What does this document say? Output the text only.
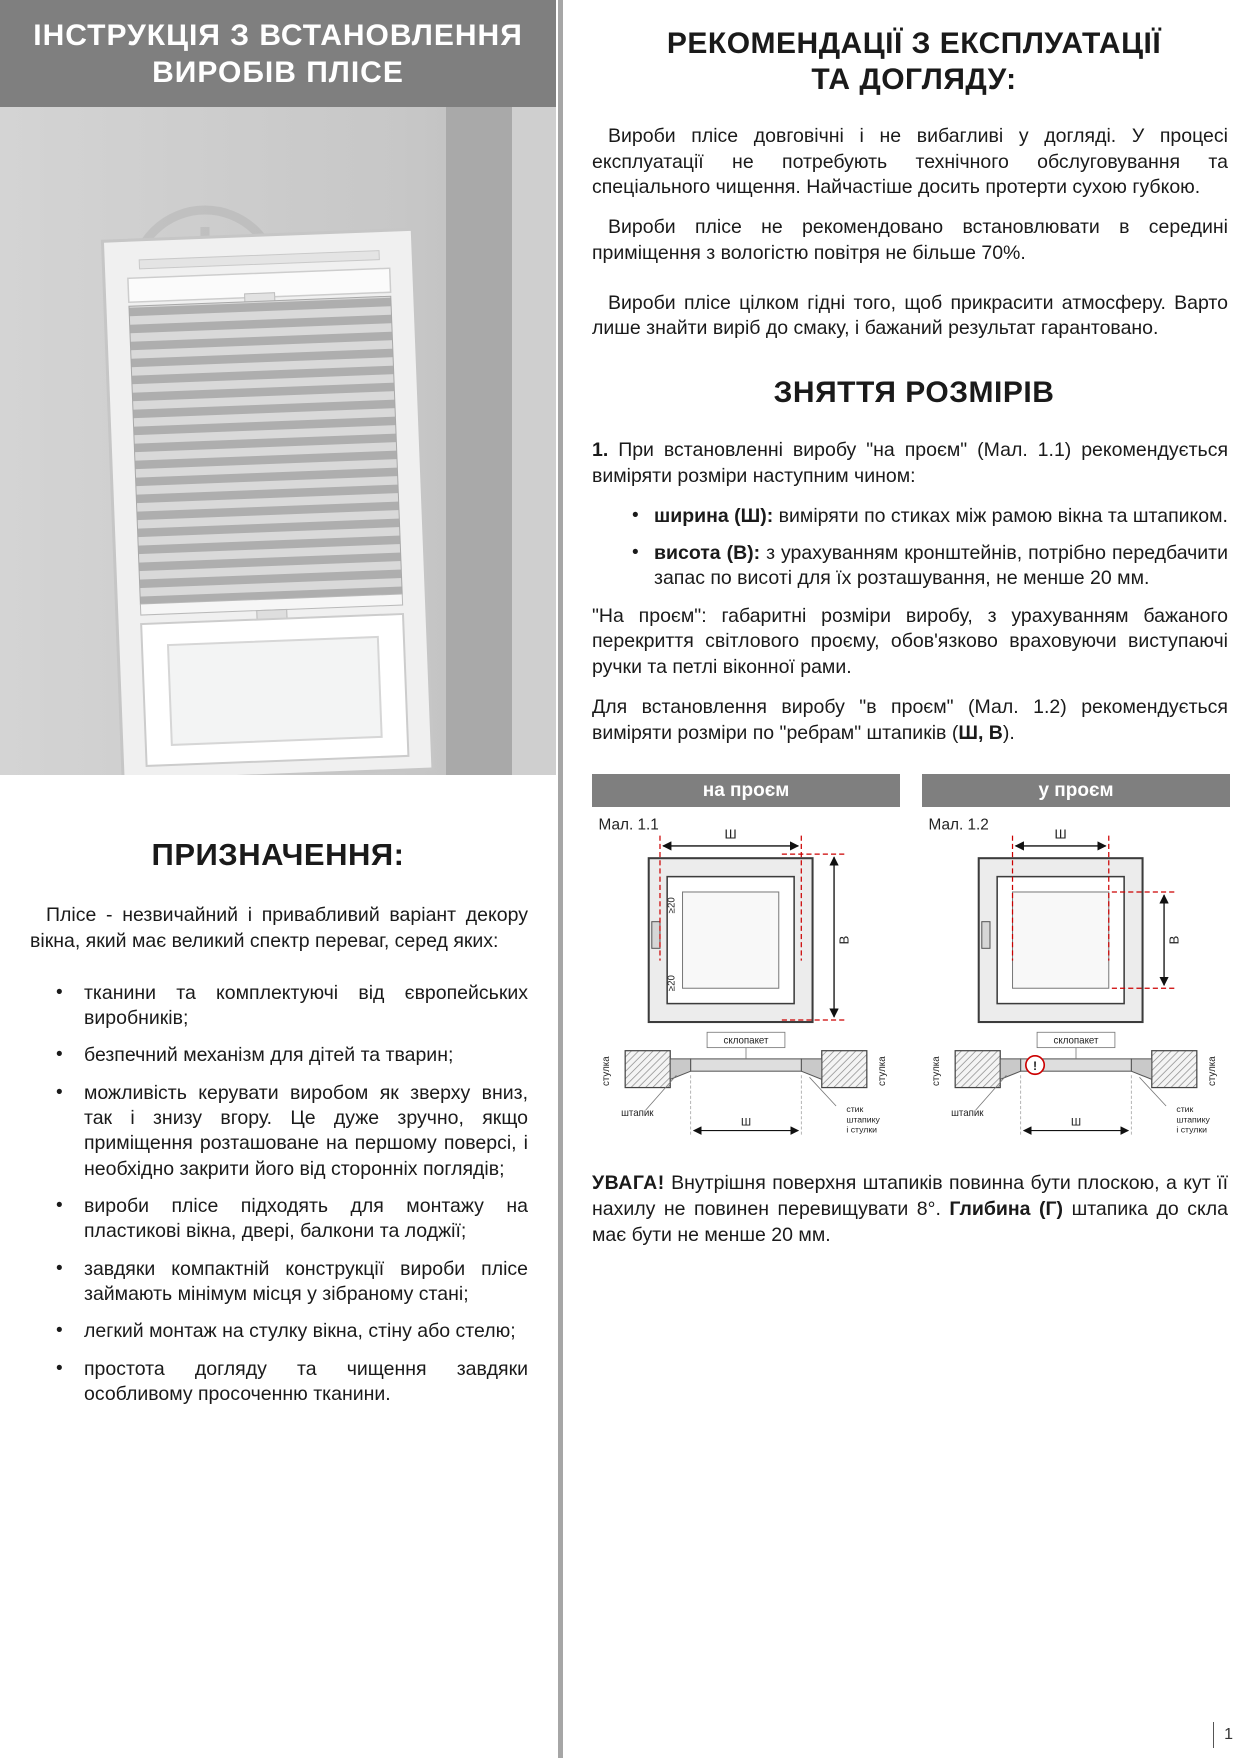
ІНСТРУКЦІЯ З ВСТАНОВЛЕННЯ
ВИРОБІВ ПЛІСЕ
ПРИЗНАЧЕННЯ:

Плісе - незвичайний і привабливий варіант декору вікна, який має великий спектр переваг, серед яких:

• тканини та комплектуючі від європейських виробників;
• безпечний механізм для дітей та тварин;
• можливість керувати виробом як зверху вниз, так і знизу вгору. Це дуже зручно, якщо приміщення розташоване на першому поверсі, і необхідно закрити його від сторонніх поглядів;
• вироби плісе підходять для монтажу на пластикові вікна, двері, балкони та лоджії;
• завдяки компактній конструкції вироби плісе займають мінімум місця у зібраному стані;
• легкий монтаж на стулку вікна, стіну або стелю;
• простота догляду та чищення завдяки особливому просоченню тканини.
РЕКОМЕНДАЦІЇ З ЕКСПЛУАТАЦІЇ
ТА ДОГЛЯДУ:

Вироби плісе довговічні і не вибагливі у догляді. У процесі експлуатації не потребують технічного обслуговування та спеціального чищення. Найчастіше досить протерти сухою губкою.

Вироби плісе не рекомендовано встановлювати в середині приміщення з вологістю повітря не більше 70%.

Вироби плісе цілком гідні того, щоб прикрасити атмосферу. Варто лише знайти виріб до смаку, і бажаний результат гарантовано.

ЗНЯТТЯ РОЗМІРІВ

1. При встановленні виробу "на проєм" (Мал. 1.1) рекомендується виміряти розміри наступним чином:

• ширина (Ш): виміряти по стиках між рамою вікна та штапиком.
• висота (В): з урахуванням кронштейнів, потрібно передбачити запас по висоті для їх розташування, не менше 20 мм.

"На проєм": габаритні розміри виробу, з урахуванням бажаного перекриття світлового проєму, обов'язково враховуючи виступаючі ручки та петлі віконної рами.

Для встановлення виробу "в проєм" (Мал. 1.2) рекомендується виміряти розміри по "ребрам" штапиків (Ш, В).

на проєм
Мал. 1.1
Ш
В
≥20
≥20
стулка	стулка
склопакет
штапик
Ш
стик
штапику
і стулки
у проєм
Мал. 1.2
Ш
В
стулка	стулка
склопакет
!
штапик
Ш
стик
штапику
і стулки

УВАГА! Внутрішня поверхня штапиків повинна бути плоскою, а кут її нахилу не повинен перевищувати 8°. Глибина (Г) штапика до скла має бути не менше 20 мм.

1
